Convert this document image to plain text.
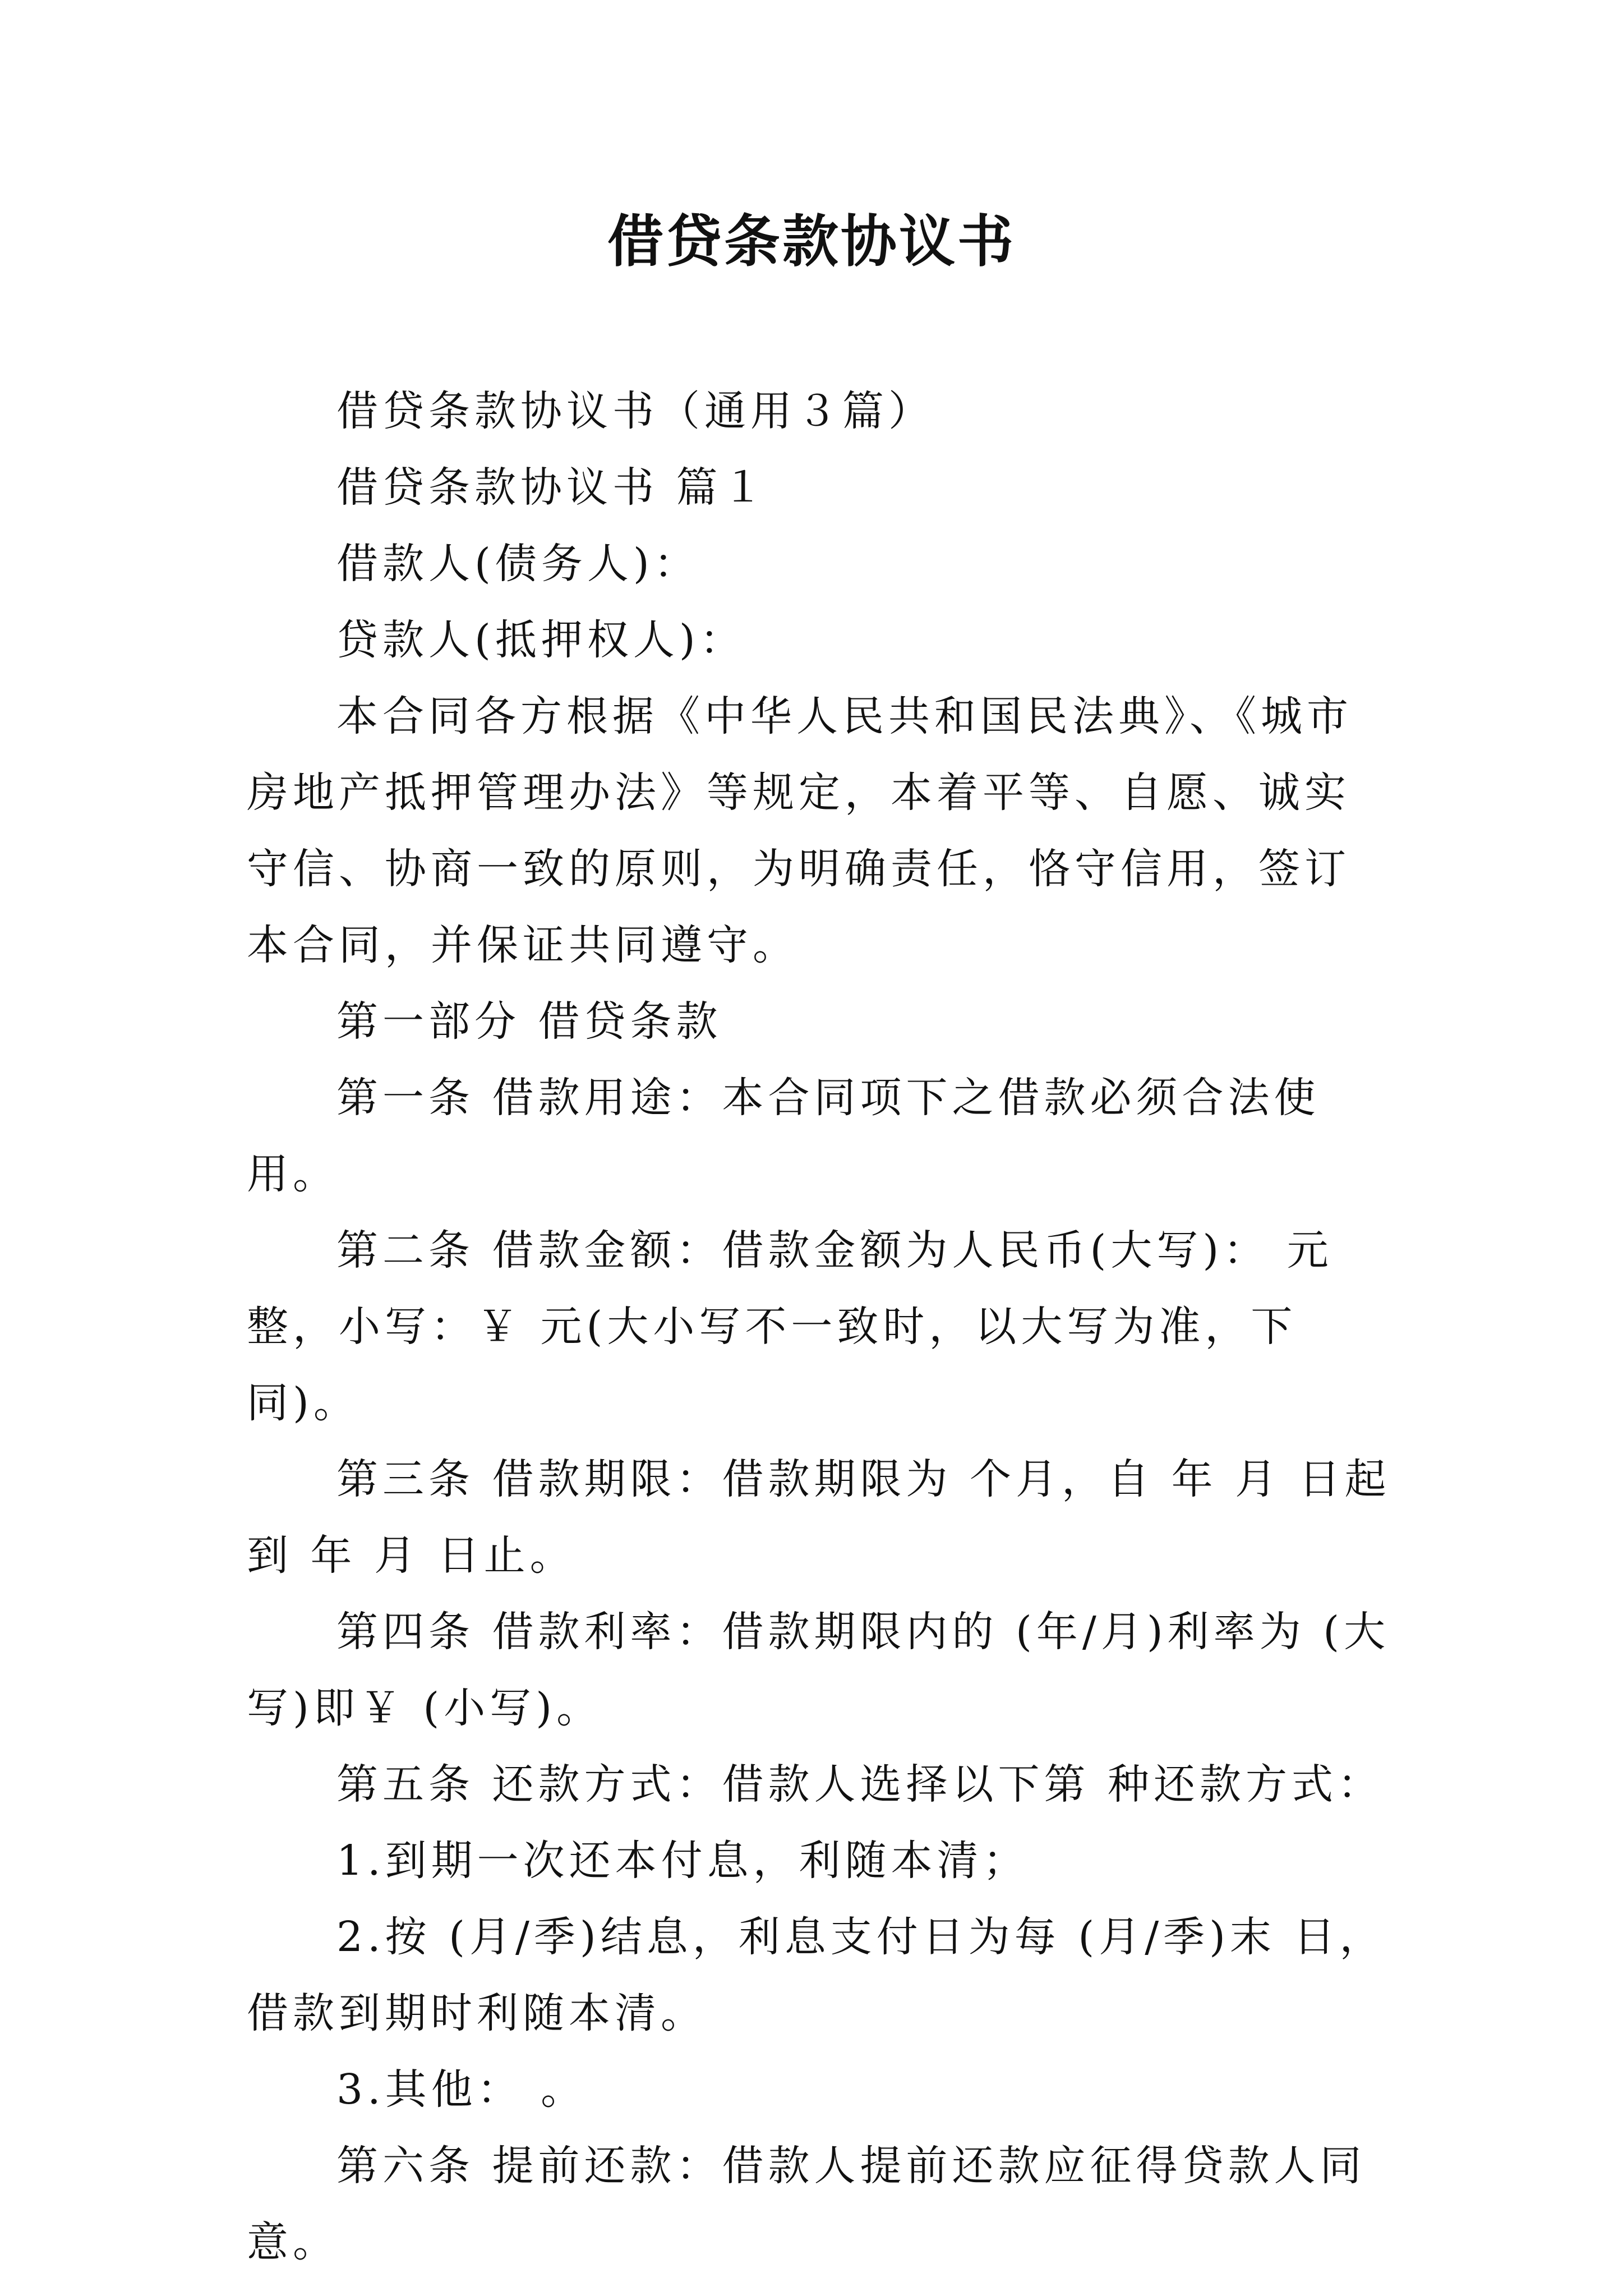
借贷条款协议书

借贷条款协议书（通用３篇）

借贷条款协议书 篇１

借款人(债务人)：

贷款人(抵押权人)：

本合同各方根据《中华人民共和国民法典》、《城市房地产抵押管理办法》等规定，本着平等、自愿、诚实守信、协商一致的原则，为明确责任，恪守信用，签订本合同，并保证共同遵守。

第一部分 借贷条款

第一条 借款用途：本合同项下之借款必须合法使用。

第二条 借款金额：借款金额为人民币(大写)： 元整，小写：￥ 元(大小写不一致时，以大写为准，下同)。

第三条 借款期限：借款期限为 个月，自 年 月 日起到 年 月 日止。

第四条 借款利率：借款期限内的 (年/月)利率为 (大写)即￥ (小写)。

第五条 还款方式：借款人选择以下第 种还款方式：

1.到期一次还本付息，利随本清；

2.按 (月/季)结息，利息支付日为每 (月/季)末 日，借款到期时利随本清。

3.其他： 。

第六条 提前还款：借款人提前还款应征得贷款人同意。
